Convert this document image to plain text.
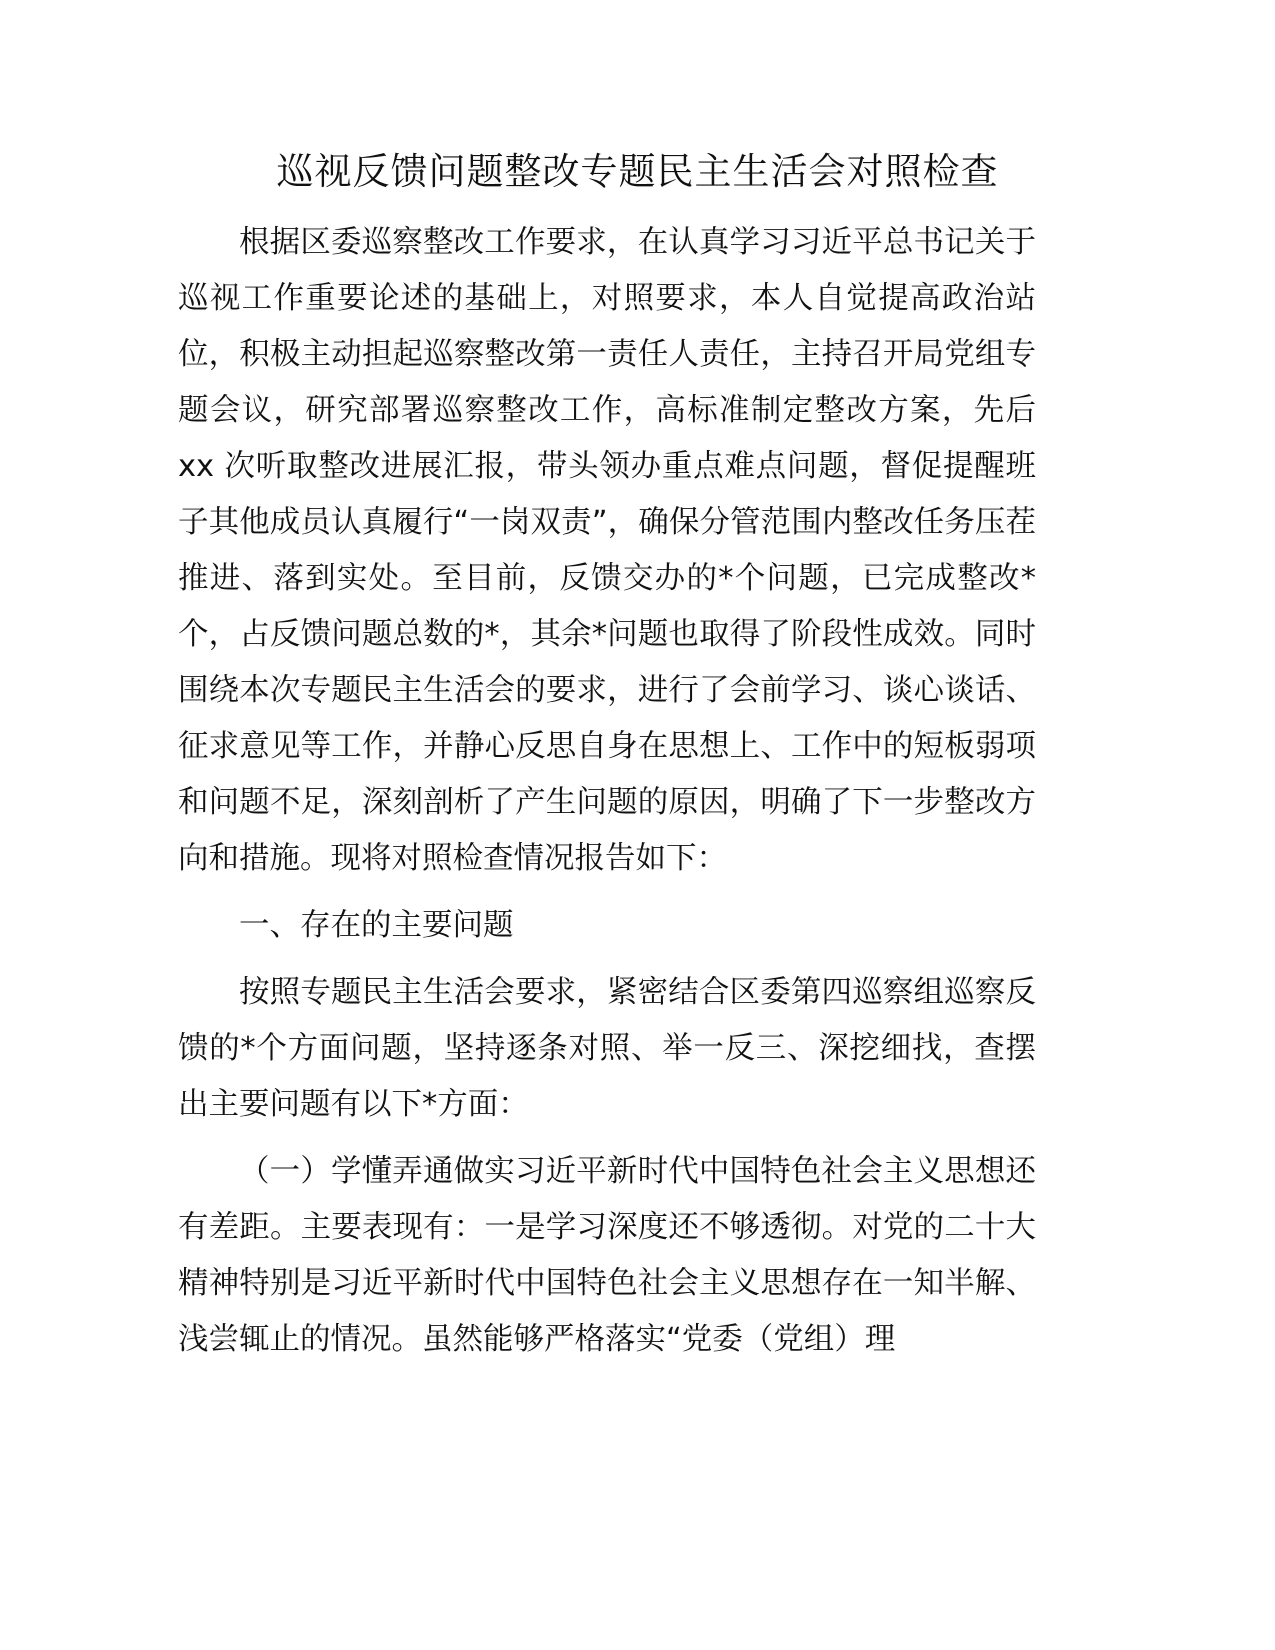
巡视反馈问题整改专题民主生活会对照检查

根据区委巡察整改工作要求，在认真学习习近平总书记关于巡视工作重要论述的基础上，对照要求，本人自觉提高政治站位，积极主动担起巡察整改第一责任人责任，主持召开局党组专题会议，研究部署巡察整改工作，高标准制定整改方案，先后 xx 次听取整改进展汇报，带头领办重点难点问题，督促提醒班子其他成员认真履行“一岗双责”，确保分管范围内整改任务压茬推进、落到实处。至目前，反馈交办的*个问题，已完成整改*个，占反馈问题总数的*，其余*问题也取得了阶段性成效。同时围绕本次专题民主生活会的要求，进行了会前学习、谈心谈话、征求意见等工作，并静心反思自身在思想上、工作中的短板弱项和问题不足，深刻剖析了产生问题的原因，明确了下一步整改方向和措施。现将对照检查情况报告如下：

一、存在的主要问题

按照专题民主生活会要求，紧密结合区委第四巡察组巡察反馈的*个方面问题，坚持逐条对照、举一反三、深挖细找，查摆出主要问题有以下*方面：

（一）学懂弄通做实习近平新时代中国特色社会主义思想还有差距。主要表现有：一是学习深度还不够透彻。对党的二十大精神特别是习近平新时代中国特色社会主义思想存在一知半解、浅尝辄止的情况。虽然能够严格落实“党委（党组）理
